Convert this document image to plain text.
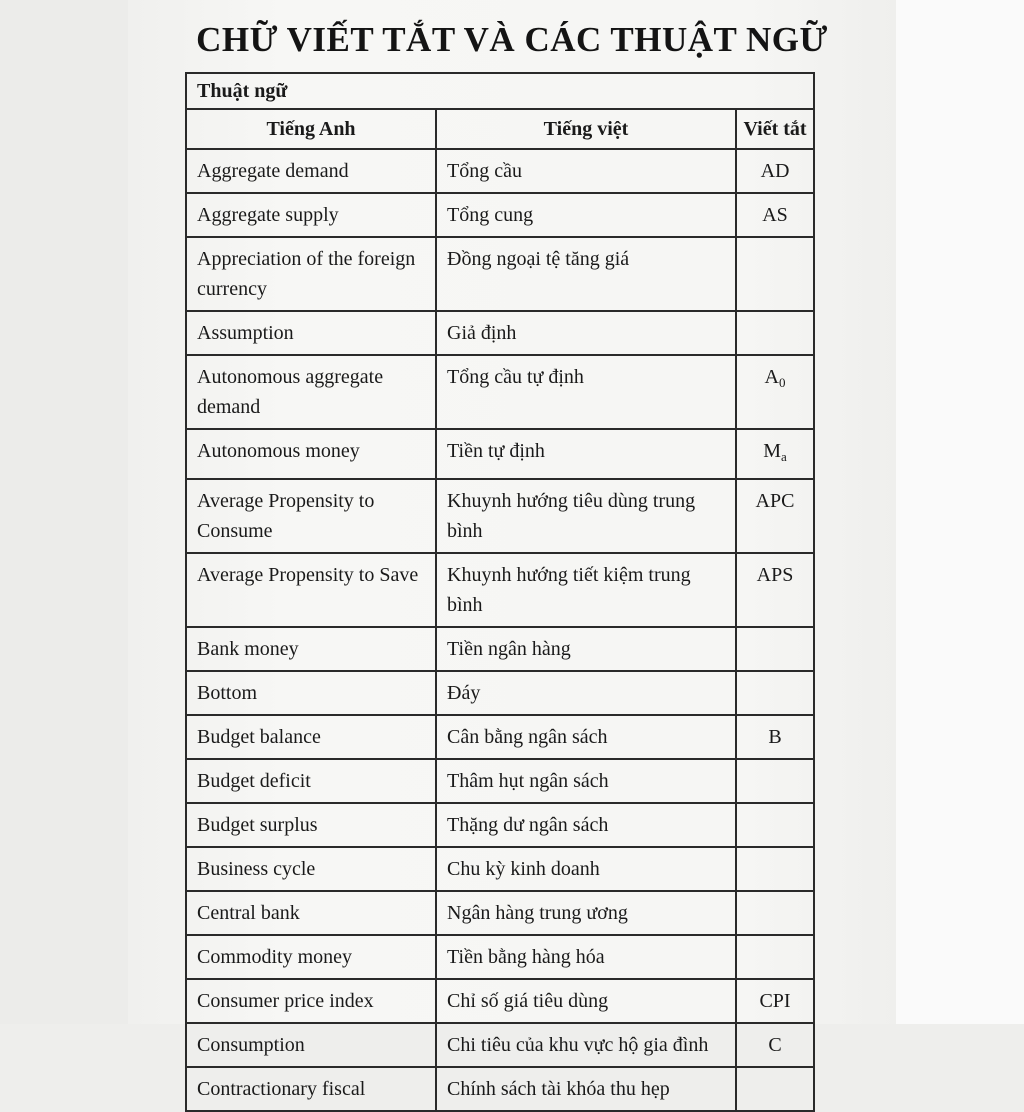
CHỮ VIẾT TẮT VÀ CÁC THUẬT NGỮ
Thuật ngữ		
Tiếng Anh	Tiếng việt	Viết tắt
Aggregate demand	Tổng cầu	AD
Aggregate supply	Tổng cung	AS
Appreciation of the foreign currency	Đồng ngoại tệ tăng giá	
Assumption	Giả định	
Autonomous aggregate demand	Tổng cầu tự định	$A_0$
Autonomous money	Tiền tự định	$M_a$
Average Propensity to Consume	Khuynh hướng tiêu dùng trung bình	APC
Average Propensity to Save	Khuynh hướng tiết kiệm trung bình	APS
Bank money	Tiền ngân hàng	
Bottom	Đáy	
Budget balance	Cân bằng ngân sách	B
Budget deficit	Thâm hụt ngân sách	
Budget surplus	Thặng dư ngân sách	
Business cycle	Chu kỳ kinh doanh	
Central bank	Ngân hàng trung ương	
Commodity money	Tiền bằng hàng hóa	
Consumer price index	Chỉ số giá tiêu dùng	CPI
Consumption	Chi tiêu của khu vực hộ gia đình	C
Contractionary fiscal	Chính sách tài khóa thu hẹp	
